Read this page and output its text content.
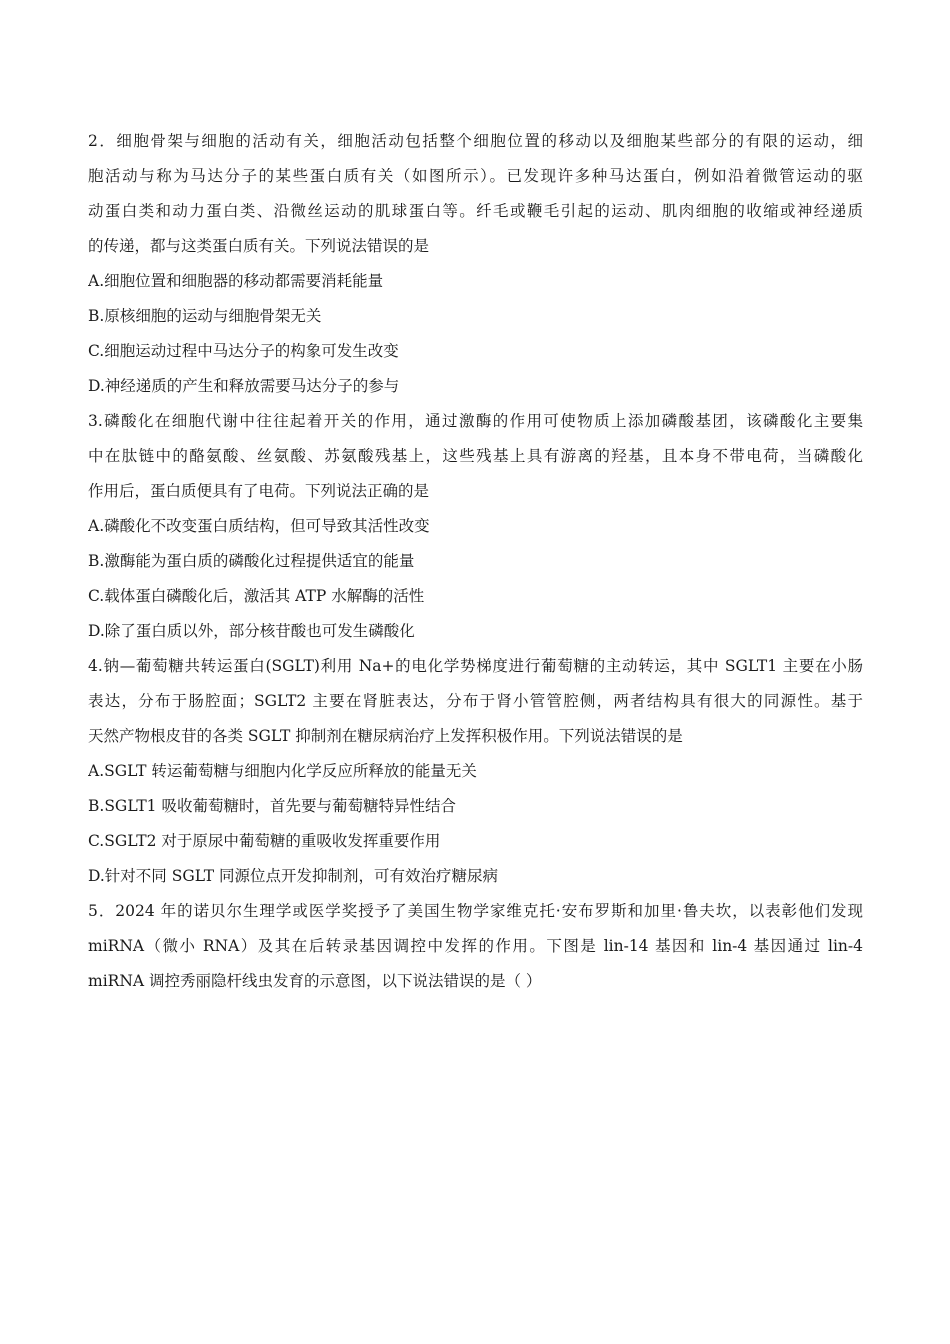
2．细胞骨架与细胞的活动有关，细胞活动包括整个细胞位置的移动以及细胞某些部分的有限的运动，细
胞活动与称为马达分子的某些蛋白质有关（如图所示）。已发现许多种马达蛋白，例如沿着微管运动的驱
动蛋白类和动力蛋白类、沿微丝运动的肌球蛋白等。纤毛或鞭毛引起的运动、肌肉细胞的收缩或神经递质
的传递，都与这类蛋白质有关。下列说法错误的是
A.细胞位置和细胞器的移动都需要消耗能量
B.原核细胞的运动与细胞骨架无关
C.细胞运动过程中马达分子的构象可发生改变
D.神经递质的产生和释放需要马达分子的参与
3.磷酸化在细胞代谢中往往起着开关的作用，通过激酶的作用可使物质上添加磷酸基团，该磷酸化主要集
中在肽链中的酪氨酸、丝氨酸、苏氨酸残基上，这些残基上具有游离的羟基，且本身不带电荷，当磷酸化
作用后，蛋白质便具有了电荷。下列说法正确的是
A.磷酸化不改变蛋白质结构，但可导致其活性改变
B.激酶能为蛋白质的磷酸化过程提供适宜的能量
C.载体蛋白磷酸化后，激活其 ATP 水解酶的活性
D.除了蛋白质以外，部分核苷酸也可发生磷酸化
4.钠—葡萄糖共转运蛋白(SGLT)利用 Na+的电化学势梯度进行葡萄糖的主动转运，其中 SGLT1 主要在小肠
表达，分布于肠腔面；SGLT2 主要在肾脏表达，分布于肾小管管腔侧，两者结构具有很大的同源性。基于
天然产物根皮苷的各类 SGLT 抑制剂在糖尿病治疗上发挥积极作用。下列说法错误的是
A.SGLT 转运葡萄糖与细胞内化学反应所释放的能量无关
B.SGLT1 吸收葡萄糖时，首先要与葡萄糖特异性结合
C.SGLT2 对于原尿中葡萄糖的重吸收发挥重要作用
D.针对不同 SGLT 同源位点开发抑制剂，可有效治疗糖尿病
5．2024 年的诺贝尔生理学或医学奖授予了美国生物学家维克托·安布罗斯和加里·鲁夫坎，以表彰他们发现
miRNA（微小 RNA）及其在后转录基因调控中发挥的作用。下图是 lin-14 基因和 lin-4 基因通过 lin-4
miRNA 调控秀丽隐杆线虫发育的示意图，以下说法错误的是（ ）
